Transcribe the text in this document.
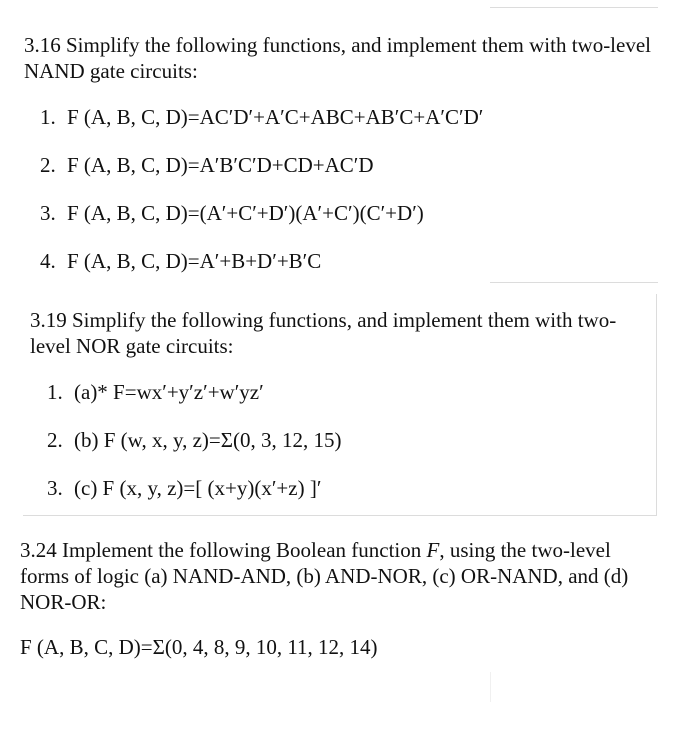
3.16 Simplify the following functions, and implement them with two-level NAND gate circuits:

1. F (A, B, C, D)=AC′D′+A′C+ABC+AB′C+A′C′D′
2. F (A, B, C, D)=A′B′C′D+CD+AC′D
3. F (A, B, C, D)=(A′+C′+D′)(A′+C′)(C′+D′)
4. F (A, B, C, D)=A′+B+D′+B′C

3.19 Simplify the following functions, and implement them with two-level NOR gate circuits:

1. (a)* F=wx′+y′z′+w′yz′
2. (b) F (w, x, y, z)=Σ(0, 3, 12, 15)
3. (c) F (x, y, z)=[ (x+y)(x′+z) ]′

3.24 Implement the following Boolean function F, using the two-level forms of logic (a) NAND-AND, (b) AND-NOR, (c) OR-NAND, and (d) NOR-OR:

F (A, B, C, D)=Σ(0, 4, 8, 9, 10, 11, 12, 14)
